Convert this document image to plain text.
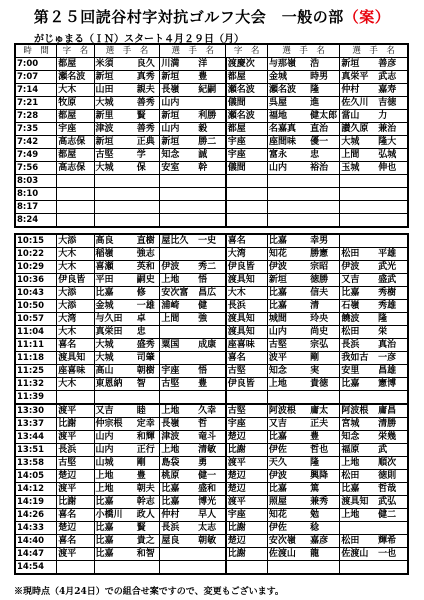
第２５回読谷村字対抗ゴルフ大会　一般の部（案）
がじゅまる（ＩＮ）スタート４月２９日（月）
時　間	字　名	選　手　名		選　手　名		字　名	選　手　名		選　手　名	
7:00	都屋	米須	良久	川満	洋	渡慶次	与那嶺	浩	新垣	善彦
7:07	瀬名波	新垣	真秀	新垣	豊	都屋	金城	時男	真栄平	武志
7:14	大木	山田	親夫	長嶺	紀嗣	瀬名波	瀬名波	隆	仲村	嘉寿
7:21	牧原	大城	善秀	山内		儀間	呉屋	進	佐久川	吉徳
7:28	都屋	新里	賢	新垣	利勝	瀬名波	福地	健太郎	當山	力
7:35	宇座	津波	善秀	山内	毅	都屋	名嘉真	直治	讃久原	兼治
7:42	高志保	新垣	正典	新垣	勝二	宇座	座間味	優一	大城	隆大
7:49	都屋	古堅	学	知念	誠	宇座	富永	忠	上間	弘城
7:56	高志保	大城	保	安室	幹	儀間	山内	裕治	玉城	伸也
8:03										
8:10										
8:17										
8:24										
10:15	大添	高良	直樹	屋比久	一史	喜名	比嘉	幸男		
10:22	大木	稲嶺	強志			大湾	知花	勝憲	松田	平雄
10:29	大木	喜瀬	英和	伊波	秀二	伊良皆	伊波	宗昭	伊波	武光
10:36	伊良皆	平田	嗣史	上地	悟	渡具知	新垣	徳勝	又吉	盛武
10:43	大添	比嘉	修	安次富	昌広	大木	比嘉	信夫	比嘉	秀樹
10:50	大添	金城	一雄	浦崎	健	長浜	比嘉	清	石嶺	秀雄
10:57	大湾	与久田	卓	上間	強	渡具知	城間	玲央	饒波	隆
11:04	大木	真栄田	忠			渡具知	山内	尚史	松田	栄
11:11	喜名	大城	盛秀	粟国	成康	座喜味	古堅	宗弘	長浜	真治
11:18	渡具知	大城	司肇			喜名	波平	剛	我如古	一彦
11:25	座喜味	高山	朝樹	宇座	悟	古堅	知念	実	安里	昌雄
11:32	大木	東恩納	智	古堅	豊	伊良皆	上地	貴徳	比嘉	憲博
11:39										
13:30	渡平	又吉	睦	上地	久幸	古堅	阿波根	庸太	阿波根	庸昌
13:37	比謝	仲宗根	定幸	長嶺	哲	宇座	又吉	正夫	宮城	清勝
13:44	渡平	山内	和輝	津波	竜斗	楚辺	比嘉	豊	知念	栄幾
13:51	長浜	山内	正行	上地	清敏	比謝	伊佐	哲也	福原	武
13:58	古堅	山城	剛	島袋	勇	渡平	天久	隆	上地	順次
14:05	楚辺	上地	豊	桃原	健一	楚辺	伊波	興降	松田	徳則
14:12	渡平	上地	朝夫	比嘉	盛和	楚辺	比嘉	篤	比嘉	哲哉
14:19	比謝	比嘉	幹志	比嘉	博光	渡平	照屋	兼秀	渡具知	武弘
14:26	喜名	小橋川	政人	仲村	早人	宇座	知花	勉	上地	健二
14:33	楚辺	比嘉	賢	長浜	太志	比謝	伊佐	稔		
14:40	喜名	比嘉	貴之	屋良	朝敏	楚辺	安次嶺	嘉彦	松田	輝希
14:47	渡平	比嘉	和智			比謝	佐渡山	龍	佐渡山	一也
14:54										
※現時点（4月24日）での組合せ案ですので、変更もございます。
